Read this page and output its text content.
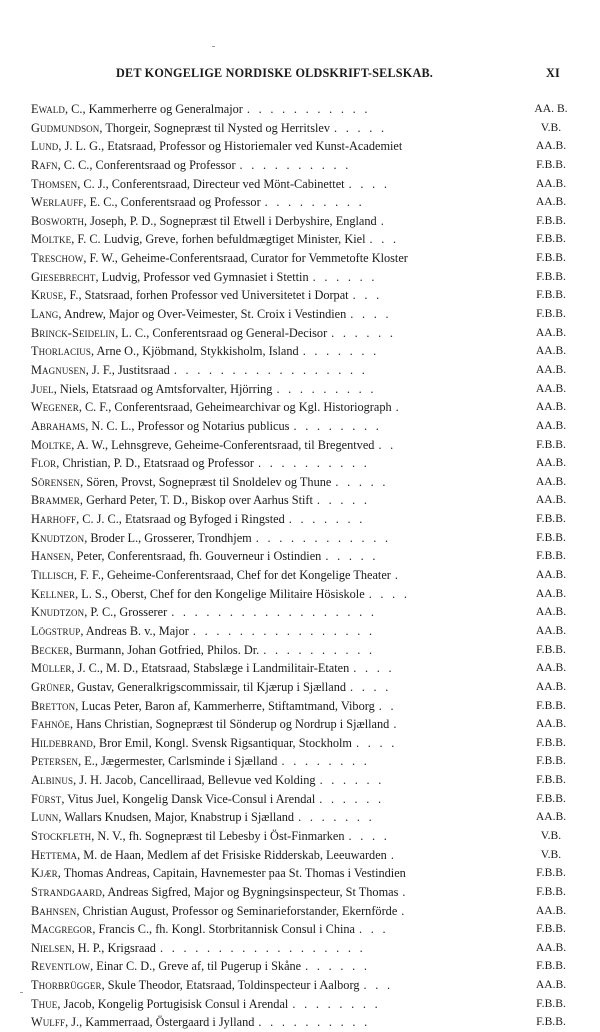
DET KONGELIGE NORDISKE OLDSKRIFT-SELSKAB.	XI
Ewald, C., Kammerherre og Generalmajor . . . . . . . . . . .	AA. B.
Gudmundson, Thorgeir, Sognepræst til Nysted og Herritslev . . . . .	V.B.
Lund, J. L. G., Etatsraad, Professor og Historiemaler ved Kunst-Academiet	AA.B.
Rafn, C. C., Conferentsraad og Professor . . . . . . . . . .	F.B.B.
Thomsen, C. J., Conferentsraad, Directeur ved Mönt-Cabinettet . . . .	AA.B.
Werlauff, E. C., Conferentsraad og Professor . . . . . . . . .	AA.B.
Bosworth, Joseph, P. D., Sognepræst til Etwell i Derbyshire, England .	F.B.B.
Moltke, F. C. Ludvig, Greve, forhen befuldmægtiget Minister, Kiel . . .	F.B.B.
Treschow, F. W., Geheime-Conferentsraad, Curator for Vemmetofte Kloster	F.B.B.
Giesebrecht, Ludvig, Professor ved Gymnasiet i Stettin . . . . . .	F.B.B.
Kruse, F., Statsraad, forhen Professor ved Universitetet i Dorpat . . .	F.B.B.
Lang, Andrew, Major og Over-Veimester, St. Croix i Vestindien . . . .	F.B.B.
Brinck-Seidelin, L. C., Conferentsraad og General-Decisor . . . . . .	AA.B.
Thorlacius, Arne O., Kjöbmand, Stykkisholm, Island . . . . . . .	AA.B.
Magnusen, J. F., Justitsraad . . . . . . . . . . . . . . . . .	AA.B.
Juel, Niels, Etatsraad og Amtsforvalter, Hjörring . . . . . . . . .	AA.B.
Wegener, C. F., Conferentsraad, Geheimearchivar og Kgl. Historiograph .	AA.B.
Abrahams, N. C. L., Professor og Notarius publicus . . . . . . . .	AA.B.
Moltke, A. W., Lehnsgreve, Geheime-Conferentsraad, til Bregentved . .	F.B.B.
Flor, Christian, P. D., Etatsraad og Professor . . . . . . . . . .	AA.B.
Sörensen, Sören, Provst, Sognepræst til Snoldelev og Thune . . . . .	AA.B.
Brammer, Gerhard Peter, T. D., Biskop over Aarhus Stift . . . . .	AA.B.
Harhoff, C. J. C., Etatsraad og Byfoged i Ringsted . . . . . . .	F.B.B.
Knudtzon, Broder L., Grosserer, Trondhjem . . . . . . . . . . . .	F.B.B.
Hansen, Peter, Conferentsraad, fh. Gouverneur i Ostindien . . . . .	F.B.B.
Tillisch, F. F., Geheime-Conferentsraad, Chef for det Kongelige Theater .	AA.B.
Kellner, L. S., Oberst, Chef for den Kongelige Militaire Hösiskole . . . .	AA.B.
Knudtzon, P. C., Grosserer . . . . . . . . . . . . . . . . . .	AA.B.
Lögstrup, Andreas B. v., Major . . . . . . . . . . . . . . . .	AA.B.
Becker, Burmann, Johan Gotfried, Philos. Dr. . . . . . . . . . .	F.B.B.
Müller, J. C., M. D., Etatsraad, Stabslæge i Landmilitair-Etaten . . . .	AA.B.
Grüner, Gustav, Generalkrigscommissair, til Kjærup i Sjælland . . . .	AA.B.
Bretton, Lucas Peter, Baron af, Kammerherre, Stiftamtmand, Viborg . .	F.B.B.
Fahnöe, Hans Christian, Sognepræst til Sönderup og Nordrup i Sjælland .	AA.B.
Hildebrand, Bror Emil, Kongl. Svensk Rigsantiquar, Stockholm . . . .	F.B.B.
Petersen, E., Jægermester, Carlsminde i Sjælland . . . . . . . .	F.B.B.
Albinus, J. H. Jacob, Cancelliraad, Bellevue ved Kolding . . . . . .	F.B.B.
Fürst, Vitus Juel, Kongelig Dansk Vice-Consul i Arendal . . . . . .	F.B.B.
Lunn, Wallars Knudsen, Major, Knabstrup i Sjælland . . . . . . .	AA.B.
Stockfleth, N. V., fh. Sognepræst til Lebesby i Öst-Finmarken . . . .	V.B.
Hettema, M. de Haan, Medlem af det Frisiske Ridderskab, Leeuwarden .	V.B.
Kjær, Thomas Andreas, Capitain, Havnemester paa St. Thomas i Vestindien	F.B.B.
Strandgaard, Andreas Sigfred, Major og Bygningsinspecteur, St Thomas .	F.B.B.
Bahnsen, Christian August, Professor og Seminarieforstander, Ekernförde .	AA.B.
Macgregor, Francis C., fh. Kongl. Storbritannisk Consul i China . . .	F.B.B.
Nielsen, H. P., Krigsraad . . . . . . . . . . . . . . . . . .	AA.B.
Reventlow, Einar C. D., Greve af, til Pugerup i Skåne . . . . . .	F.B.B.
Thorbrügger, Skule Theodor, Etatsraad, Toldinspecteur i Aalborg . . .	AA.B.
Thue, Jacob, Kongelig Portugisisk Consul i Arendal . . . . . . . .	F.B.B.
Wulff, J., Kammerraad, Östergaard i Jylland . . . . . . . . . .	F.B.B.
